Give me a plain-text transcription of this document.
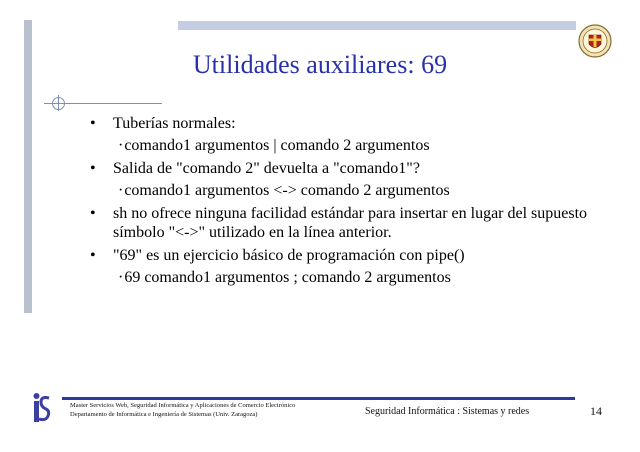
Utilidades auxiliares: 69
• Tuberías normales:
·comando1 argumentos | comando 2 argumentos
• Salida de "comando 2" devuelta a "comando1"?
·comando1 argumentos <-> comando 2 argumentos
• sh no ofrece ninguna facilidad estándar para insertar en lugar del supuesto símbolo "<->" utilizado en la línea anterior.
• "69" es un ejercicio básico de programación con pipe()
·69 comando1 argumentos ; comando 2 argumentos
Master Servicios Web, Seguridad Informática y Aplicaciones de Comercio Electrónico
Departamento de Informática e Ingeniería de Sistemas (Univ. Zaragoza)	Seguridad Informática : Sistemas y redes	14
